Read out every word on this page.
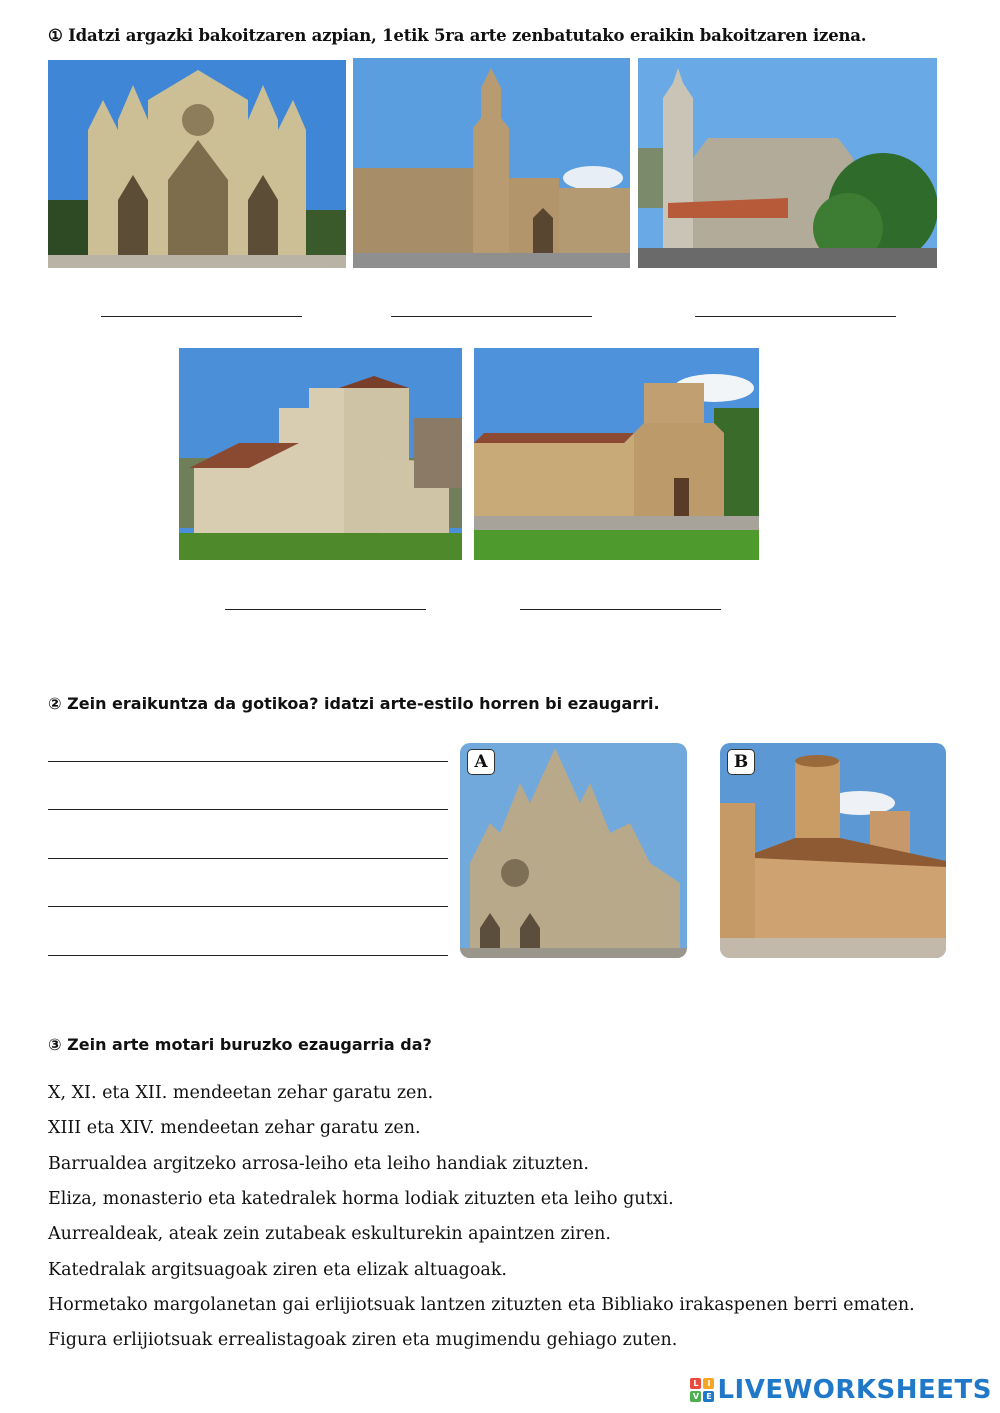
① Idatzi argazki bakoitzaren azpian, 1etik 5ra arte zenbatutako eraikin bakoitzaren izena.
② Zein eraikuntza da gotikoa? idatzi arte-estilo horren bi ezaugarri.
A	B
③ Zein arte motari buruzko ezaugarria da?
X, XI. eta XII. mendeetan zehar garatu zen.
XIII eta XIV. mendeetan zehar garatu zen.
Barrualdea argitzeko arrosa-leiho eta leiho handiak zituzten.
Eliza, monasterio eta katedralek horma lodiak zituzten eta leiho gutxi.
Aurrealdeak, ateak zein zutabeak eskulturekin apaintzen ziren.
Katedralak argitsuagoak ziren eta elizak altuagoak.
Hormetako margolanetan gai erlijiotsuak lantzen zituzten eta Bibliako irakaspenen berri ematen.
Figura erlijiotsuak errealistagoak ziren eta mugimendu gehiago zuten.
L	I
V E LIVEWORKSHEETS
